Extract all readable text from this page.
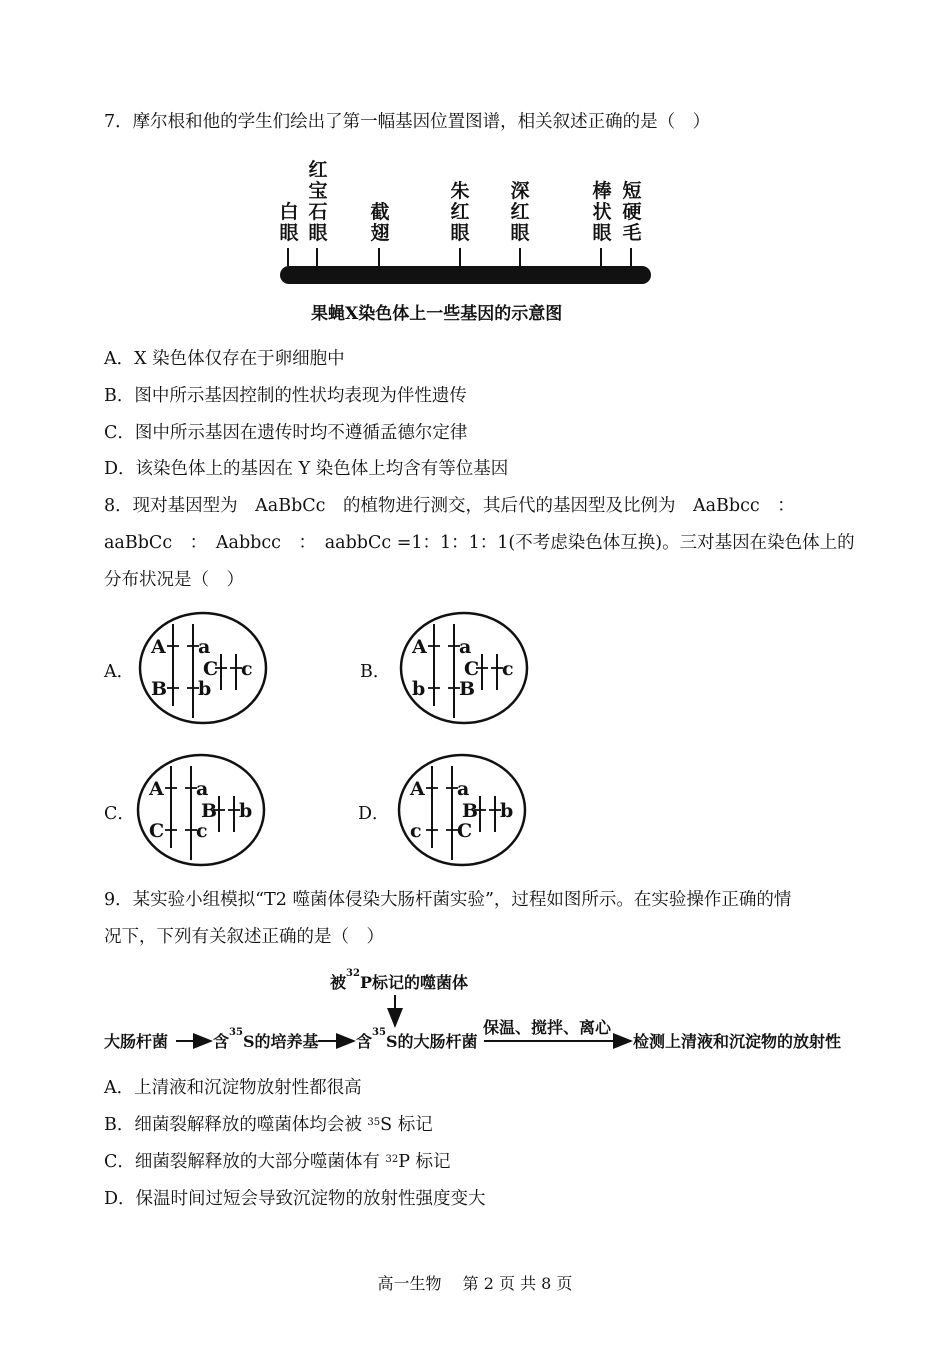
7．摩尔根和他的学生们绘出了第一幅基因位置图谱，相关叙述正确的是（　）
白
眼
红
宝
石
眼
截
翅
朱
红
眼
深
红
眼
棒
状
眼
短
硬
毛
果蝇X染色体上一些基因的示意图
A．X 染色体仅存在于卵细胞中
B．图中所示基因控制的性状均表现为伴性遗传
C．图中所示基因在遗传时均不遵循孟德尔定律
D．该染色体上的基因在 Y 染色体上均含有等位基因
8．现对基因型为　AaBbCc　的植物进行测交，其后代的基因型及比例为　AaBbcc　：
aaBbCc　：　Aabbcc　：　aabbCc =1：1：1：1(不考虑染色体互换)。三对基因在染色体上的
分布状况是（　）
A．	B．
C．	D．
A
B
a
b
C c
A
b
a
B
C c
A
C
a
c
B b
A
c
a
C
B b
9．某实验小组模拟“T2 噬菌体侵染大肠杆菌实验”，过程如图所示。在实验操作正确的情
况下，下列有关叙述正确的是（　）
被$^{32}$P标记的噬菌体
大肠杆菌	含$^{35}$S的培养基 含$^{35}$S的大肠杆菌
保温、搅拌、离心
检测上清液和沉淀物的放射性
A．上清液和沉淀物放射性都很高
B．细菌裂解释放的噬菌体均会被 $^{35}$S 标记
C．细菌裂解释放的大部分噬菌体有 $^{32}$P 标记
D．保温时间过短会导致沉淀物的放射性强度变大
高一生物　 第 2 页 共 8 页
